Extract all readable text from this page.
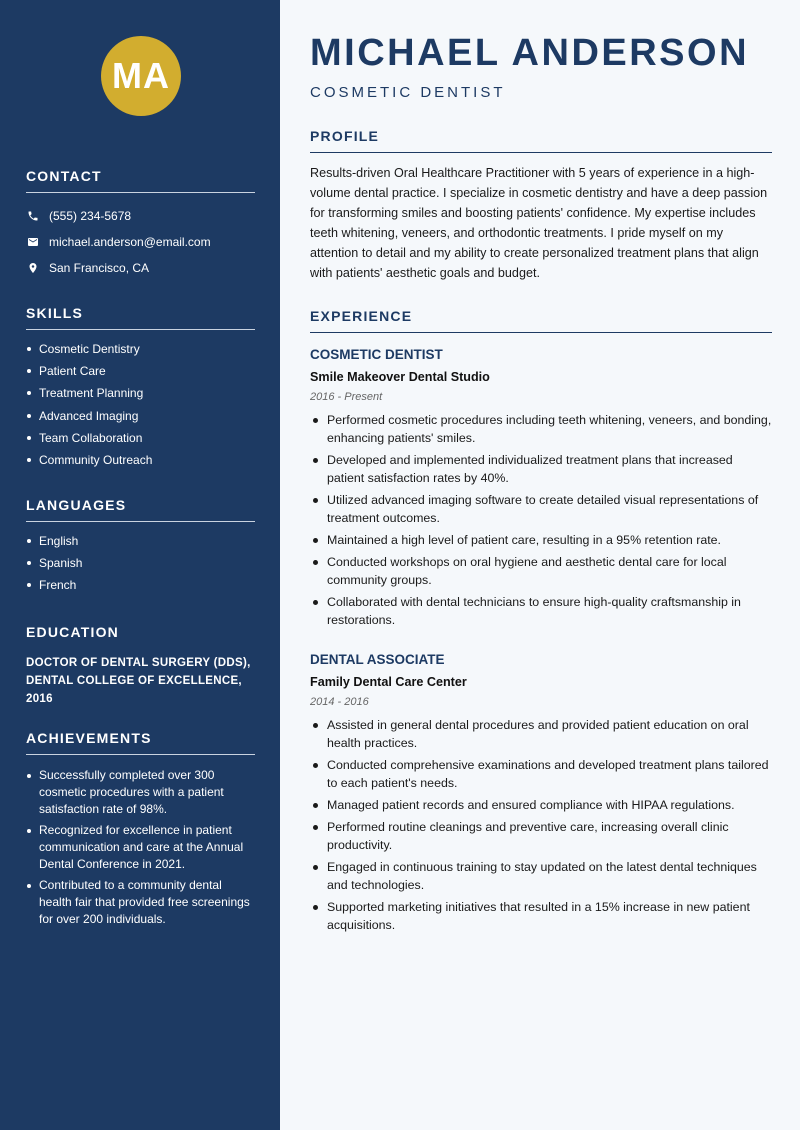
MA
CONTACT
(555) 234-5678
michael.anderson@email.com
San Francisco, CA
SKILLS
Cosmetic Dentistry
Patient Care
Treatment Planning
Advanced Imaging
Team Collaboration
Community Outreach
LANGUAGES
English
Spanish
French
EDUCATION
DOCTOR OF DENTAL SURGERY (DDS),
DENTAL COLLEGE OF EXCELLENCE, 2016
ACHIEVEMENTS
Successfully completed over 300 cosmetic procedures with a patient satisfaction rate of 98%.
Recognized for excellence in patient communication and care at the Annual Dental Conference in 2021.
Contributed to a community dental health fair that provided free screenings for over 200 individuals.
MICHAEL ANDERSON
COSMETIC DENTIST
PROFILE

Results-driven Oral Healthcare Practitioner with 5 years of experience in a high-volume dental practice. I specialize in cosmetic dentistry and have a deep passion for transforming smiles and boosting patients' confidence. My expertise includes teeth whitening, veneers, and orthodontic treatments. I pride myself on my attention to detail and my ability to create personalized treatment plans that align with patients' aesthetic goals and budget.

EXPERIENCE
COSMETIC DENTIST
Smile Makeover Dental Studio
2016 - Present
Performed cosmetic procedures including teeth whitening, veneers, and bonding, enhancing patients' smiles.
Developed and implemented individualized treatment plans that increased patient satisfaction rates by 40%.
Utilized advanced imaging software to create detailed visual representations of treatment outcomes.
Maintained a high level of patient care, resulting in a 95% retention rate.
Conducted workshops on oral hygiene and aesthetic dental care for local community groups.
Collaborated with dental technicians to ensure high-quality craftsmanship in restorations.
DENTAL ASSOCIATE
Family Dental Care Center
2014 - 2016
Assisted in general dental procedures and provided patient education on oral health practices.
Conducted comprehensive examinations and developed treatment plans tailored to each patient's needs.
Managed patient records and ensured compliance with HIPAA regulations.
Performed routine cleanings and preventive care, increasing overall clinic productivity.
Engaged in continuous training to stay updated on the latest dental techniques and technologies.
Supported marketing initiatives that resulted in a 15% increase in new patient acquisitions.
